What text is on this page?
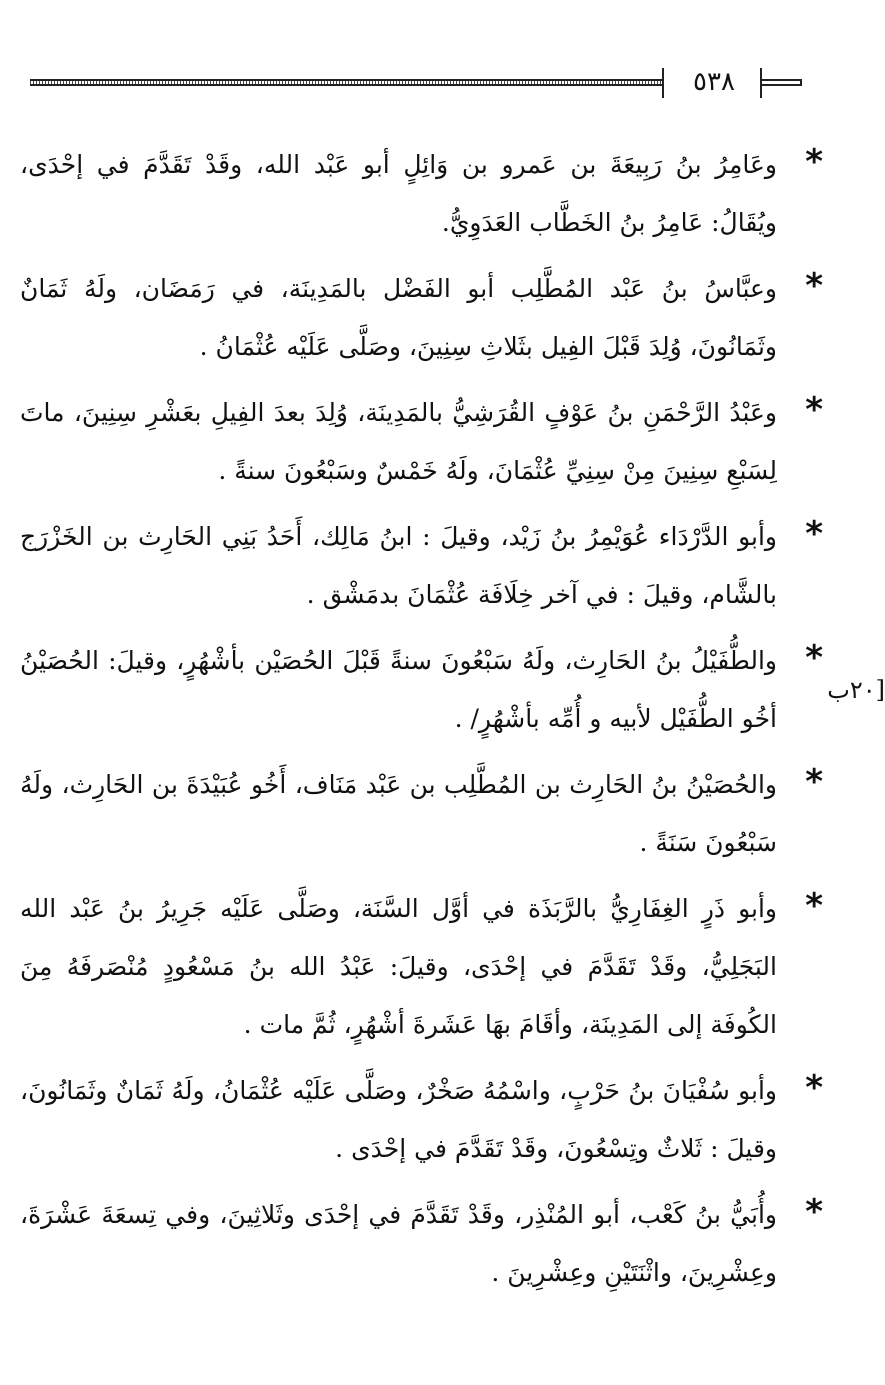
٥٣٨
[٢٠ب
*
وعَامِرُ بنُ رَبِيعَةَ بن عَمرو بن وَائِلٍ أبو عَبْد الله، وقَدْ تَقَدَّمَ في إحْدَى، ويُقَالُ: عَامِرُ بنُ الخَطَّاب العَدَوِيُّ.
*
وعبَّاسُ بنُ عَبْد المُطَّلِب أبو الفَضْل بالمَدِينَة، في رَمَضَان، ولَهُ ثَمَانٌ وثَمَانُونَ، وُلِدَ قَبْلَ الفِيل بثَلاثِ سِنِينَ، وصَلَّى عَلَيْه عُثْمَانُ .
*
وعَبْدُ الرَّحْمَنِ بنُ عَوْفٍ القُرَشِيُّ بالمَدِينَة، وُلِدَ بعدَ الفِيلِ بعَشْرِ سِنِينَ، ماتَ لِسَبْعِ سِنِينَ مِنْ سِنِيِّ عُثْمَانَ، ولَهُ خَمْسٌ وسَبْعُونَ سنةً .
*
وأبو الدَّرْدَاء عُوَيْمِرُ بنُ زَيْد، وقيلَ : ابنُ مَالِك، أَحَدُ بَنِي الحَارِث بن الخَزْرَج بالشَّام، وقيلَ : في آخر خِلَافَة عُثْمَانَ بدمَشْق .
*
والطُّفَيْلُ بنُ الحَارِث، ولَهُ سَبْعُونَ سنةً قَبْلَ الحُصَيْن بأشْهُرٍ، وقيلَ: الحُصَيْنُ أخُو الطُّفَيْل لأبيه و أُمِّه بأشْهُرٍ/ .
*
والحُصَيْنُ بنُ الحَارِث بن المُطَّلِب بن عَبْد مَنَاف، أَخُو عُبَيْدَةَ بن الحَارِث، ولَهُ سَبْعُونَ سَنَةً .
*
وأبو ذَرٍ الغِفَارِيُّ بالرَّبَذَة في أوَّل السَّنَة، وصَلَّى عَلَيْه جَرِيرُ بنُ عَبْد الله البَجَلِيُّ، وقَدْ تَقَدَّمَ في إحْدَى، وقيلَ: عَبْدُ الله بنُ مَسْعُودٍ مُنْصَرفَهُ مِنَ الكُوفَة إلى المَدِينَة، وأقَامَ بهَا عَشَرةَ أشْهُرٍ، ثُمَّ مات .
*
وأبو سُفْيَانَ بنُ حَرْبٍ، واسْمُهُ صَخْرٌ، وصَلَّى عَلَيْه عُثْمَانُ، ولَهُ ثَمَانٌ وثَمَانُونَ، وقيلَ : ثَلاثٌ وتِسْعُونَ، وقَدْ تَقَدَّمَ في إحْدَى .
*
وأُبَيُّ بنُ كَعْب، أبو المُنْذِر، وقَدْ تَقَدَّمَ في إحْدَى وثَلاثِينَ، وفي تِسعَةَ عَشْرَةَ، وعِشْرِينَ، واثْنَتَيْنِ وعِشْرِينَ .
